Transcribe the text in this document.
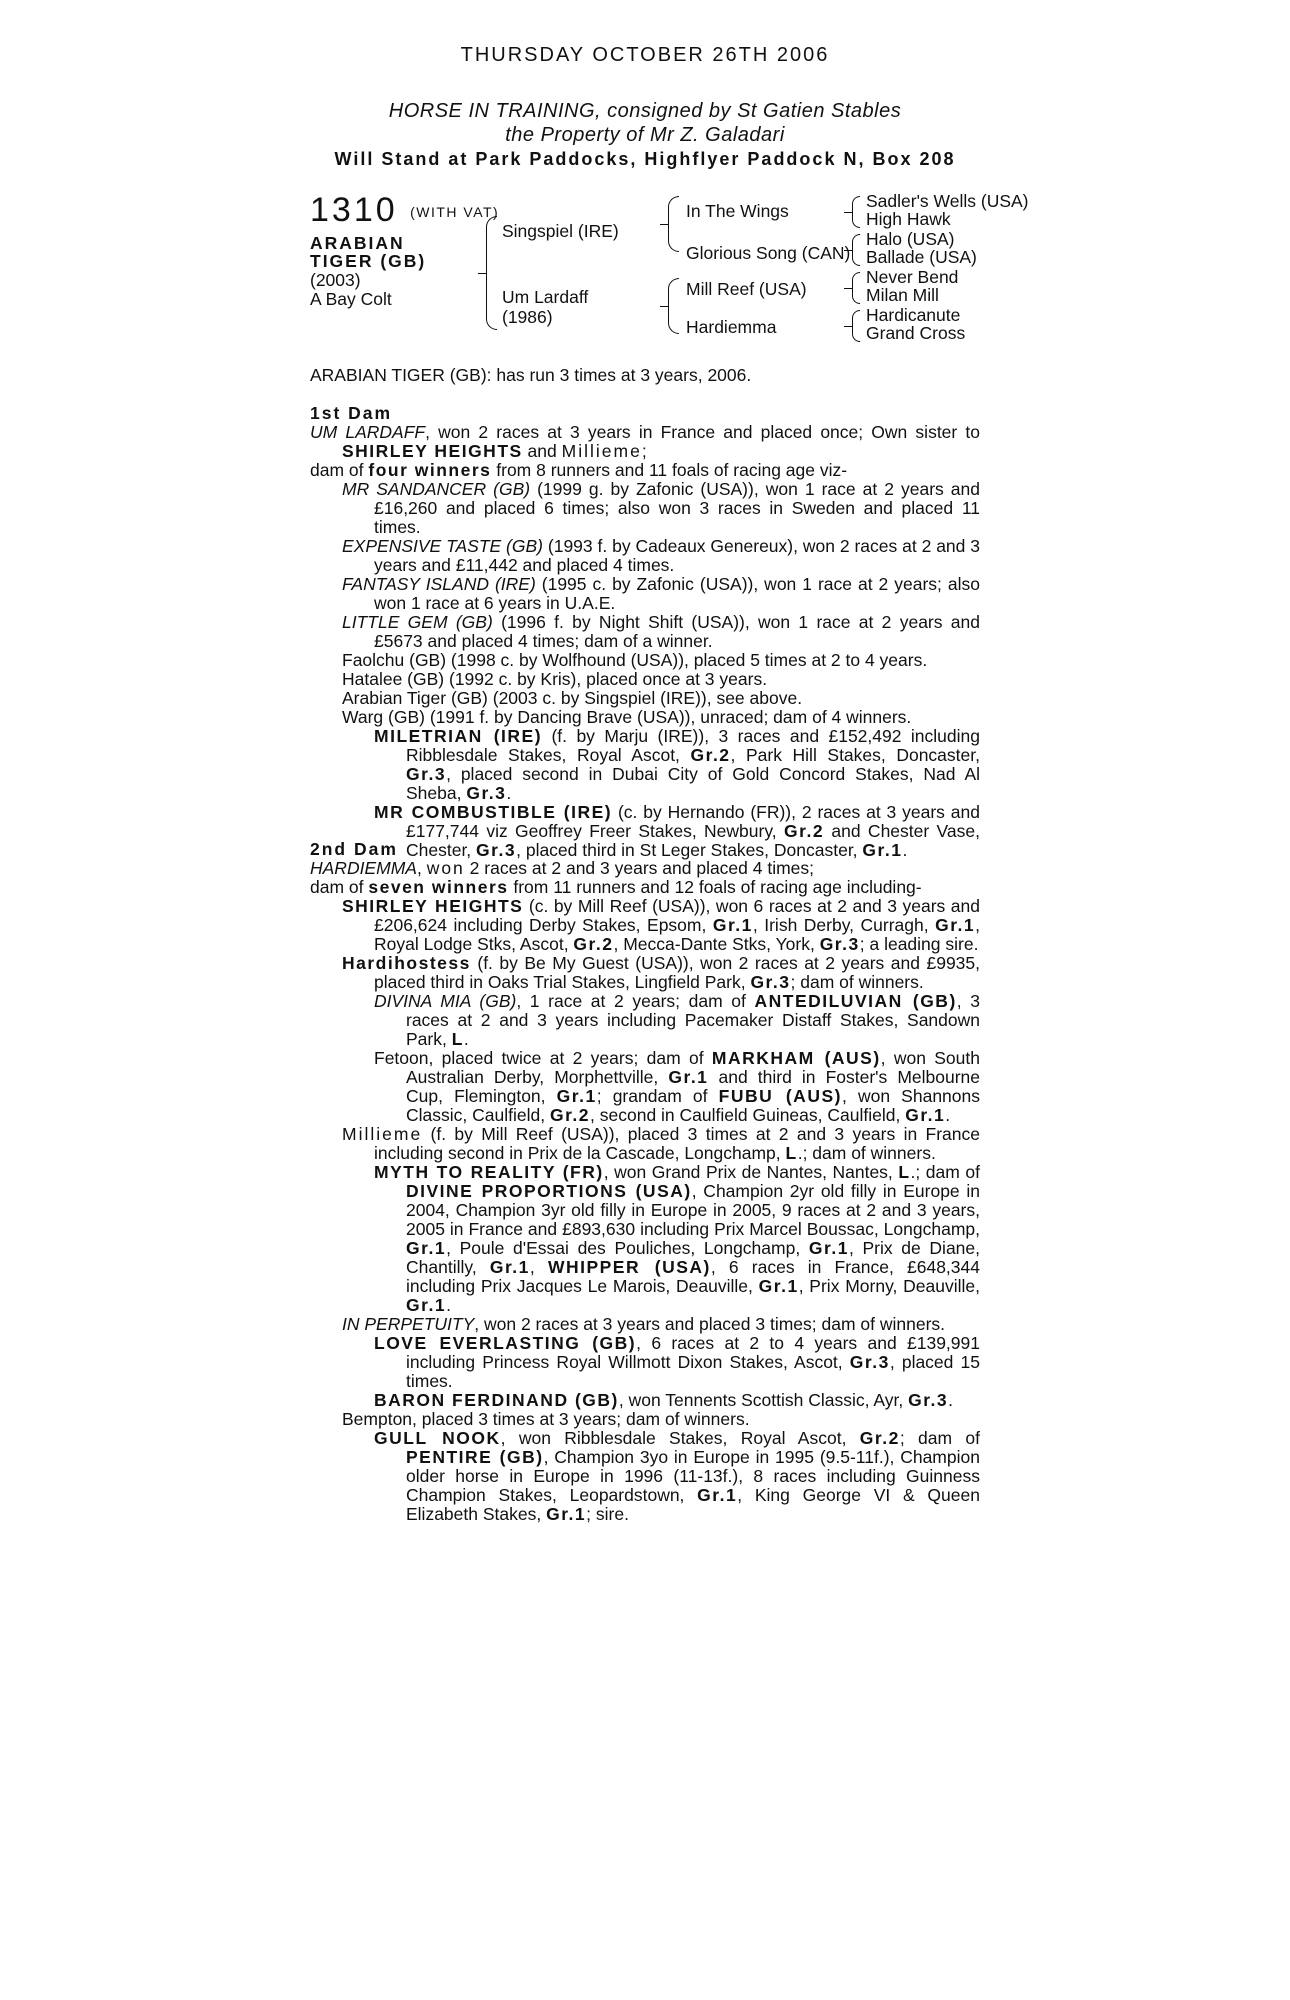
THURSDAY OCTOBER 26TH 2006
HORSE IN TRAINING, consigned by St Gatien Stables
the Property of Mr Z. Galadari
Will Stand at Park Paddocks, Highflyer Paddock N, Box 208
1310 (WITH VAT)
ARABIAN TIGER (GB)
(2003)
A Bay Colt
Singspiel (IRE)
Um Lardaff
(1986)
In The Wings
Glorious Song (CAN)
Mill Reef (USA)
Hardiemma
Sadler's Wells (USA)
High Hawk
Halo (USA)
Ballade (USA)
Never Bend
Milan Mill
Hardicanute
Grand Cross
ARABIAN TIGER (GB): has run 3 times at 3 years, 2006.

1st Dam

UM LARDAFF, won 2 races at 3 years in France and placed once; Own sister to SHIRLEY HEIGHTS and Millieme;

dam of four winners from 8 runners and 11 foals of racing age viz-

MR SANDANCER (GB) (1999 g. by Zafonic (USA)), won 1 race at 2 years and £16,260 and placed 6 times; also won 3 races in Sweden and placed 11 times.

EXPENSIVE TASTE (GB) (1993 f. by Cadeaux Genereux), won 2 races at 2 and 3 years and £11,442 and placed 4 times.

FANTASY ISLAND (IRE) (1995 c. by Zafonic (USA)), won 1 race at 2 years; also won 1 race at 6 years in U.A.E.

LITTLE GEM (GB) (1996 f. by Night Shift (USA)), won 1 race at 2 years and £5673 and placed 4 times; dam of a winner.

Faolchu (GB) (1998 c. by Wolfhound (USA)), placed 5 times at 2 to 4 years.

Hatalee (GB) (1992 c. by Kris), placed once at 3 years.

Arabian Tiger (GB) (2003 c. by Singspiel (IRE)), see above.

Warg (GB) (1991 f. by Dancing Brave (USA)), unraced; dam of 4 winners.

MILETRIAN (IRE) (f. by Marju (IRE)), 3 races and £152,492 including Ribblesdale Stakes, Royal Ascot, Gr.2, Park Hill Stakes, Doncaster, Gr.3, placed second in Dubai City of Gold Concord Stakes, Nad Al Sheba, Gr.3.

MR COMBUSTIBLE (IRE) (c. by Hernando (FR)), 2 races at 3 years and £177,744 viz Geoffrey Freer Stakes, Newbury, Gr.2 and Chester Vase, Chester, Gr.3, placed third in St Leger Stakes, Doncaster, Gr.1.

2nd Dam

HARDIEMMA, won 2 races at 2 and 3 years and placed 4 times;

dam of seven winners from 11 runners and 12 foals of racing age including-

SHIRLEY HEIGHTS (c. by Mill Reef (USA)), won 6 races at 2 and 3 years and £206,624 including Derby Stakes, Epsom, Gr.1, Irish Derby, Curragh, Gr.1, Royal Lodge Stks, Ascot, Gr.2, Mecca-Dante Stks, York, Gr.3; a leading sire.

Hardihostess (f. by Be My Guest (USA)), won 2 races at 2 years and £9935, placed third in Oaks Trial Stakes, Lingfield Park, Gr.3; dam of winners.

DIVINA MIA (GB), 1 race at 2 years; dam of ANTEDILUVIAN (GB), 3 races at 2 and 3 years including Pacemaker Distaff Stakes, Sandown Park, L.

Fetoon, placed twice at 2 years; dam of MARKHAM (AUS), won South Australian Derby, Morphettville, Gr.1 and third in Foster's Melbourne Cup, Flemington, Gr.1; grandam of FUBU (AUS), won Shannons Classic, Caulfield, Gr.2, second in Caulfield Guineas, Caulfield, Gr.1.

Millieme (f. by Mill Reef (USA)), placed 3 times at 2 and 3 years in France including second in Prix de la Cascade, Longchamp, L.; dam of winners.

MYTH TO REALITY (FR), won Grand Prix de Nantes, Nantes, L.; dam of DIVINE PROPORTIONS (USA), Champion 2yr old filly in Europe in 2004, Champion 3yr old filly in Europe in 2005, 9 races at 2 and 3 years, 2005 in France and £893,630 including Prix Marcel Boussac, Longchamp, Gr.1, Poule d'Essai des Pouliches, Longchamp, Gr.1, Prix de Diane, Chantilly, Gr.1, WHIPPER (USA), 6 races in France, £648,344 including Prix Jacques Le Marois, Deauville, Gr.1, Prix Morny, Deauville, Gr.1.

IN PERPETUITY, won 2 races at 3 years and placed 3 times; dam of winners.

LOVE EVERLASTING (GB), 6 races at 2 to 4 years and £139,991 including Princess Royal Willmott Dixon Stakes, Ascot, Gr.3, placed 15 times.

BARON FERDINAND (GB), won Tennents Scottish Classic, Ayr, Gr.3.

Bempton, placed 3 times at 3 years; dam of winners.

GULL NOOK, won Ribblesdale Stakes, Royal Ascot, Gr.2; dam of PENTIRE (GB), Champion 3yo in Europe in 1995 (9.5-11f.), Champion older horse in Europe in 1996 (11-13f.), 8 races including Guinness Champion Stakes, Leopardstown, Gr.1, King George VI & Queen Elizabeth Stakes, Gr.1; sire.
